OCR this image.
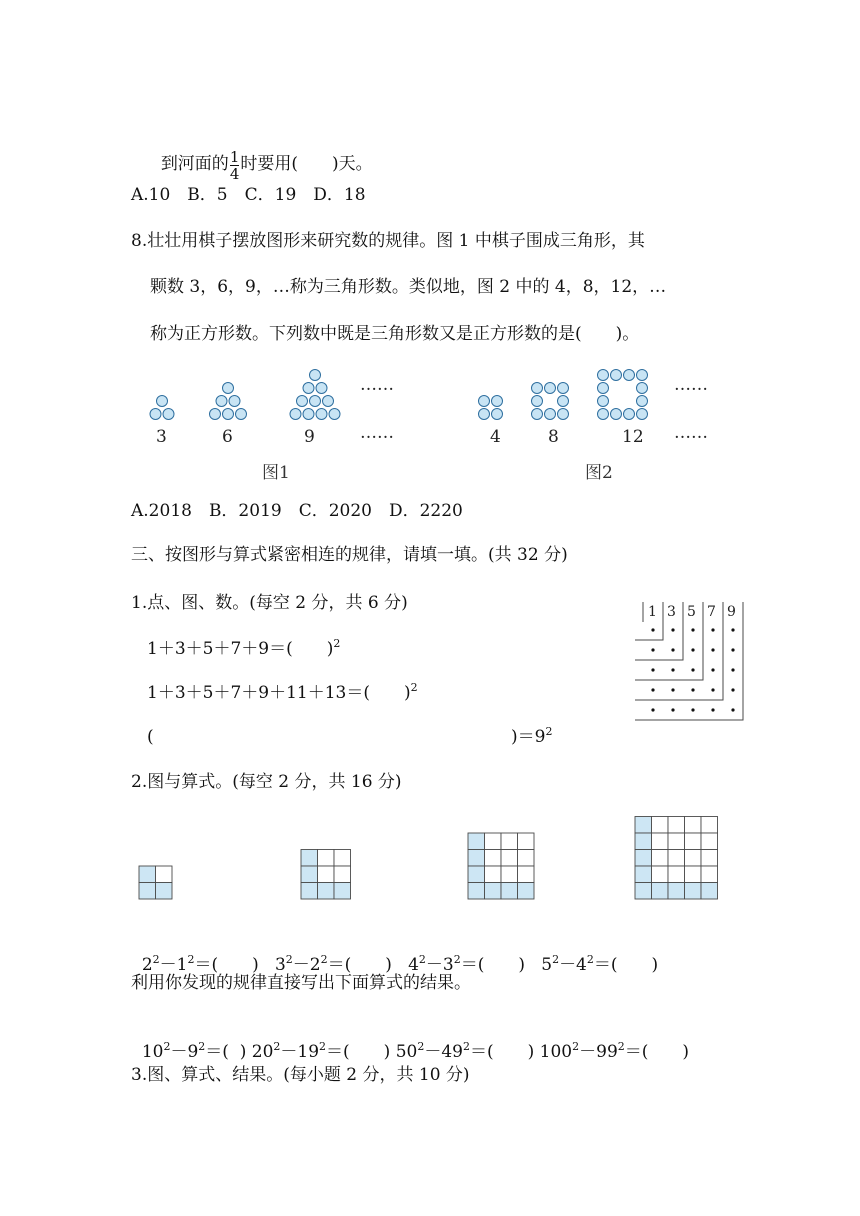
到河面的 $\frac{1}{4}$ 时要用(　　)天。

A.10　B．5　C．19　D．18
8.壮壮用棋子摆放图形来研究数的规律。图 1 中棋子围成三角形，其
颗数 3，6，9，…称为三角形数。类似地，图 2 中的 4，8，12，…
称为正方形数。下列数中既是三角形数又是正方形数的是(　　)。
3	6	9
……
……
图1
4	8	12
……
……
图2
A.2018　B．2019　C．2020　D．2220
三、按图形与算式紧密相连的规律，请填一填。(共 32 分)
1.点、图、数。(每空 2 分，共 6 分)
1＋3＋5＋7＋9＝(　　)$^2$
1＋3＋5＋7＋9＋11＋13＝(　　)$^2$
(	)$=9^2$
1 3 5 7 9
2.图与算式。(每空 2 分，共 16 分)

$2^2-1^2=$(　　) $3^2-2^2=$(　　) $4^2-3^2=$(　　) $5^2-4^2=$(　　)

利用你发现的规律直接写出下面算式的结果。

$10^2-9^2=$(  ) $20^2-19^2=$(　　) $50^2-49^2=$(　　) $100^2-99^2=$(　　)

3.图、算式、结果。(每小题 2 分，共 10 分)
